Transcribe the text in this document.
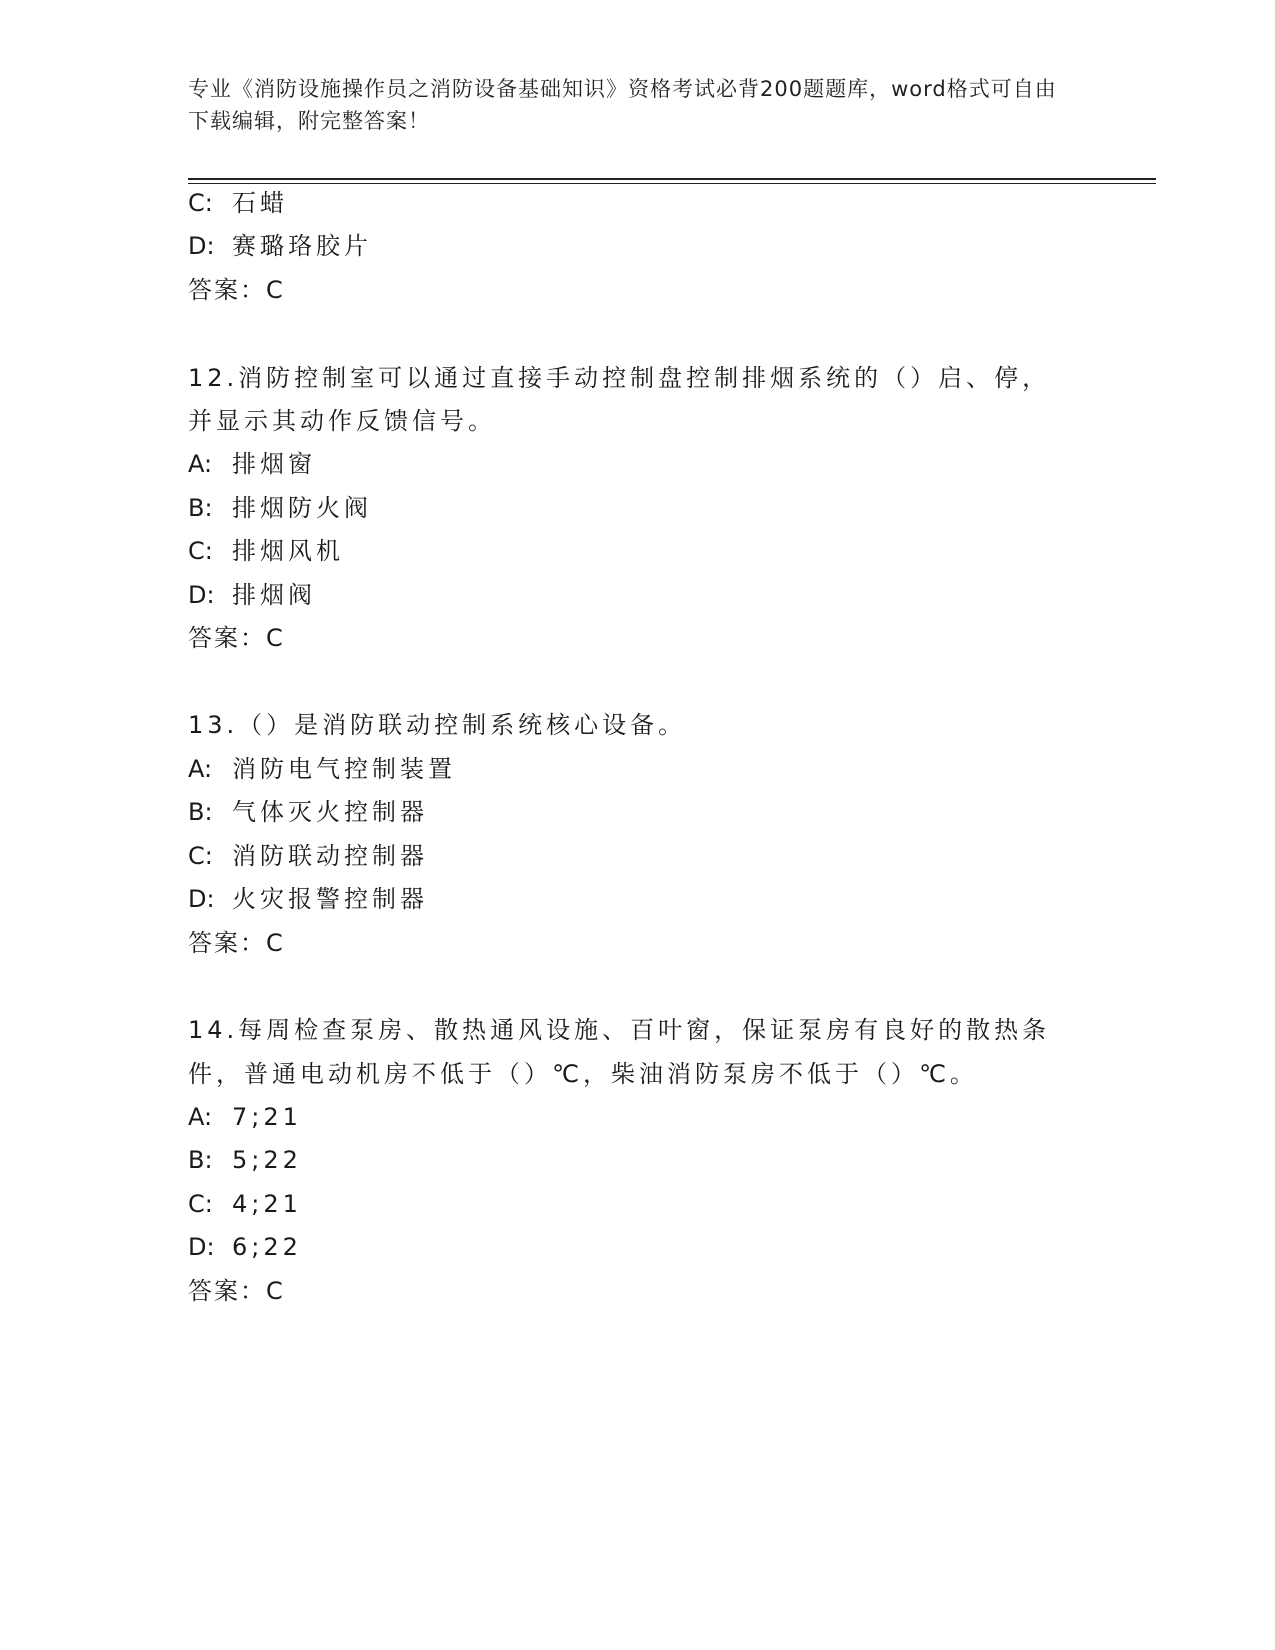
专业《消防设施操作员之消防设备基础知识》资格考试必背200题题库，word格式可自由下载编辑，附完整答案！
C: 石蜡
D: 赛璐珞胶片
答案：C
12.消防控制室可以通过直接手动控制盘控制排烟系统的（）启、停，
并显示其动作反馈信号。
A: 排烟窗
B: 排烟防火阀
C: 排烟风机
D: 排烟阀
答案：C
13.（）是消防联动控制系统核心设备。
A: 消防电气控制装置
B: 气体灭火控制器
C: 消防联动控制器
D: 火灾报警控制器
答案：C
14.每周检查泵房、散热通风设施、百叶窗，保证泵房有良好的散热条
件，普通电动机房不低于（）℃，柴油消防泵房不低于（）℃。
A: 7;21
B: 5;22
C: 4;21
D: 6;22
答案：C
